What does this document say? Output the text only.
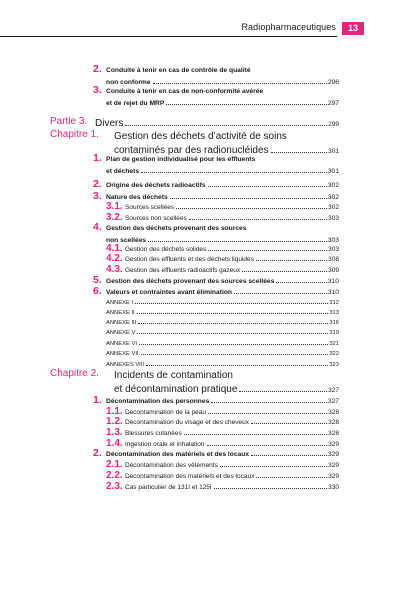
Radiopharmaceutiques	13
2. Conduite à tenir en cas de contrôle de qualité
non conforme	296
3. Conduite à tenir en cas de non-conformité avérée
et de rejet du MRP	297
Partie 3. Divers	299
Chapitre 1. Gestion des déchets d’activité de soins
contaminés par des radionucléides	301
1. Plan de gestion individualisé pour les effluents
et déchets	301
2. Origine des déchets radioactifs	302
3. Nature des déchets	302
3.1. Sources scellées	302
3.2. Sources non scellées	303
4. Gestion des déchets provenant des sources
non scellées	303
4.1. Gestion des déchets solides	303
4.2. Gestion des effluents et des déchets liquides	308
4.3. Gestion des effluents radioactifs gazeux	309
5. Gestion des déchets provenant des sources scellées	310
6. Valeurs et contraintes avant élimination	310
ANNEXE I	312
ANNEXE II	313
ANNEXE III	316
ANNEXE V	319
ANNEXE VI	321
ANNEXE VII	322
ANNEXES VIII	323
Chapitre 2. Incidents de contamination
et décontamination pratique	327
1. Décontamination des personnes	327
1.1. Décontamination de la peau	328
1.2. Décontamination du visage et des cheveux	328
1.3. Blessures cutanées	328
1.4. Ingestion orale et inhalation	329
2. Décontamination des matériels et des locaux	329
2.1. Décontamination des vêtements	329
2.2. Décontamination des matériels et des locaux	329
2.3. Cas particulier de 131I et 125I	330
